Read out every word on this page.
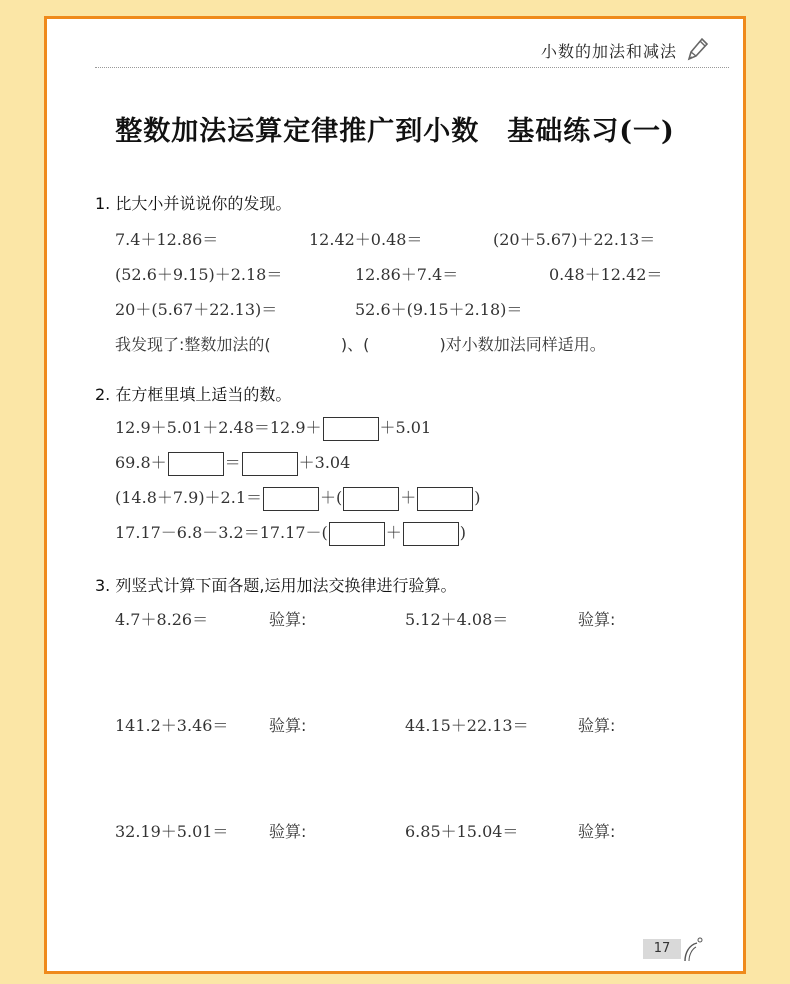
小数的加法和减法
整数加法运算定律推广到小数　基础练习(一)
1. 比大小并说说你的发现。
7.4＋12.86＝	12.42＋0.48＝	(20＋5.67)＋22.13＝
(52.6＋9.15)＋2.18＝	12.86＋7.4＝	0.48＋12.42＝
20＋(5.67＋22.13)＝	52.6＋(9.15＋2.18)＝
我发现了:整数加法的(	)、(	)对小数加法同样适用。
2. 在方框里填上适当的数。
12.9＋5.01＋2.48＝12.9＋	＋5.01
69.8＋	＝	＋3.04
(14.8＋7.9)＋2.1＝	＋(	＋	)
17.17－6.8－3.2＝17.17－(	＋	)
3. 列竖式计算下面各题,运用加法交换律进行验算。
4.7＋8.26＝	验算:	5.12＋4.08＝	验算:
141.2＋3.46＝	验算:	44.15＋22.13＝	验算:
32.19＋5.01＝	验算:	6.85＋15.04＝	验算:
17
